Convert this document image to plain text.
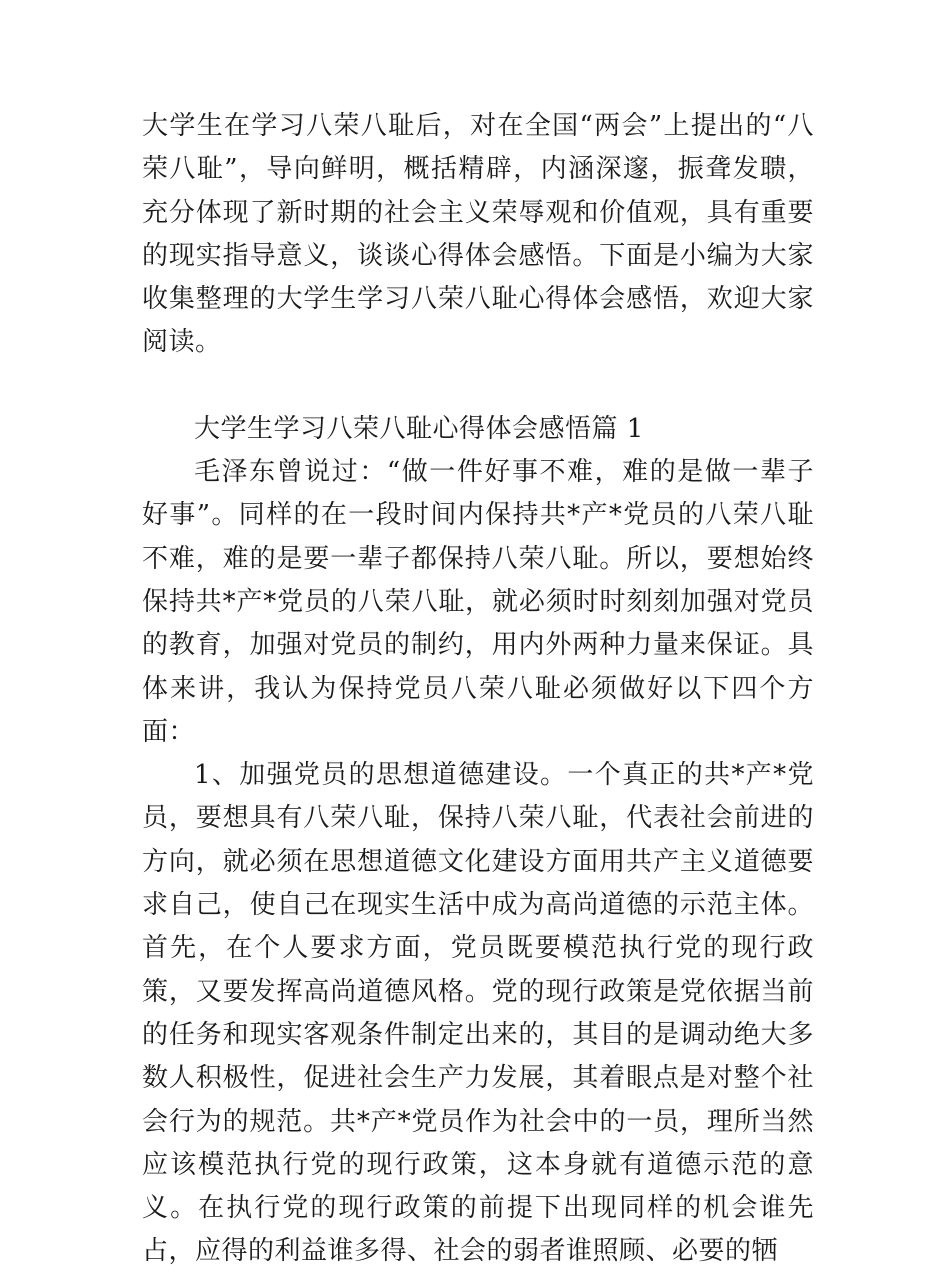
大学生在学习八荣八耻后，对在全国“两会”上提出的“八荣八耻”，导向鲜明，概括精辟，内涵深邃，振聋发聩，充分体现了新时期的社会主义荣辱观和价值观，具有重要的现实指导意义，谈谈心得体会感悟。下面是小编为大家收集整理的大学生学习八荣八耻心得体会感悟，欢迎大家阅读。

大学生学习八荣八耻心得体会感悟篇 1

毛泽东曾说过：“做一件好事不难，难的是做一辈子好事”。同样的在一段时间内保持共*产*党员的八荣八耻不难，难的是要一辈子都保持八荣八耻。所以，要想始终保持共*产*党员的八荣八耻，就必须时时刻刻加强对党员的教育，加强对党员的制约，用内外两种力量来保证。具体来讲，我认为保持党员八荣八耻必须做好以下四个方面：

1、加强党员的思想道德建设。一个真正的共*产*党员，要想具有八荣八耻，保持八荣八耻，代表社会前进的方向，就必须在思想道德文化建设方面用共产主义道德要求自己，使自己在现实生活中成为高尚道德的示范主体。首先，在个人要求方面，党员既要模范执行党的现行政策，又要发挥高尚道德风格。党的现行政策是党依据当前的任务和现实客观条件制定出来的，其目的是调动绝大多数人积极性，促进社会生产力发展，其着眼点是对整个社会行为的规范。共*产*党员作为社会中的一员，理所当然应该模范执行党的现行政策，这本身就有道德示范的意义。在执行党的现行政策的前提下出现同样的机会谁先占，应得的利益谁多得、社会的弱者谁照顾、必要的牺
